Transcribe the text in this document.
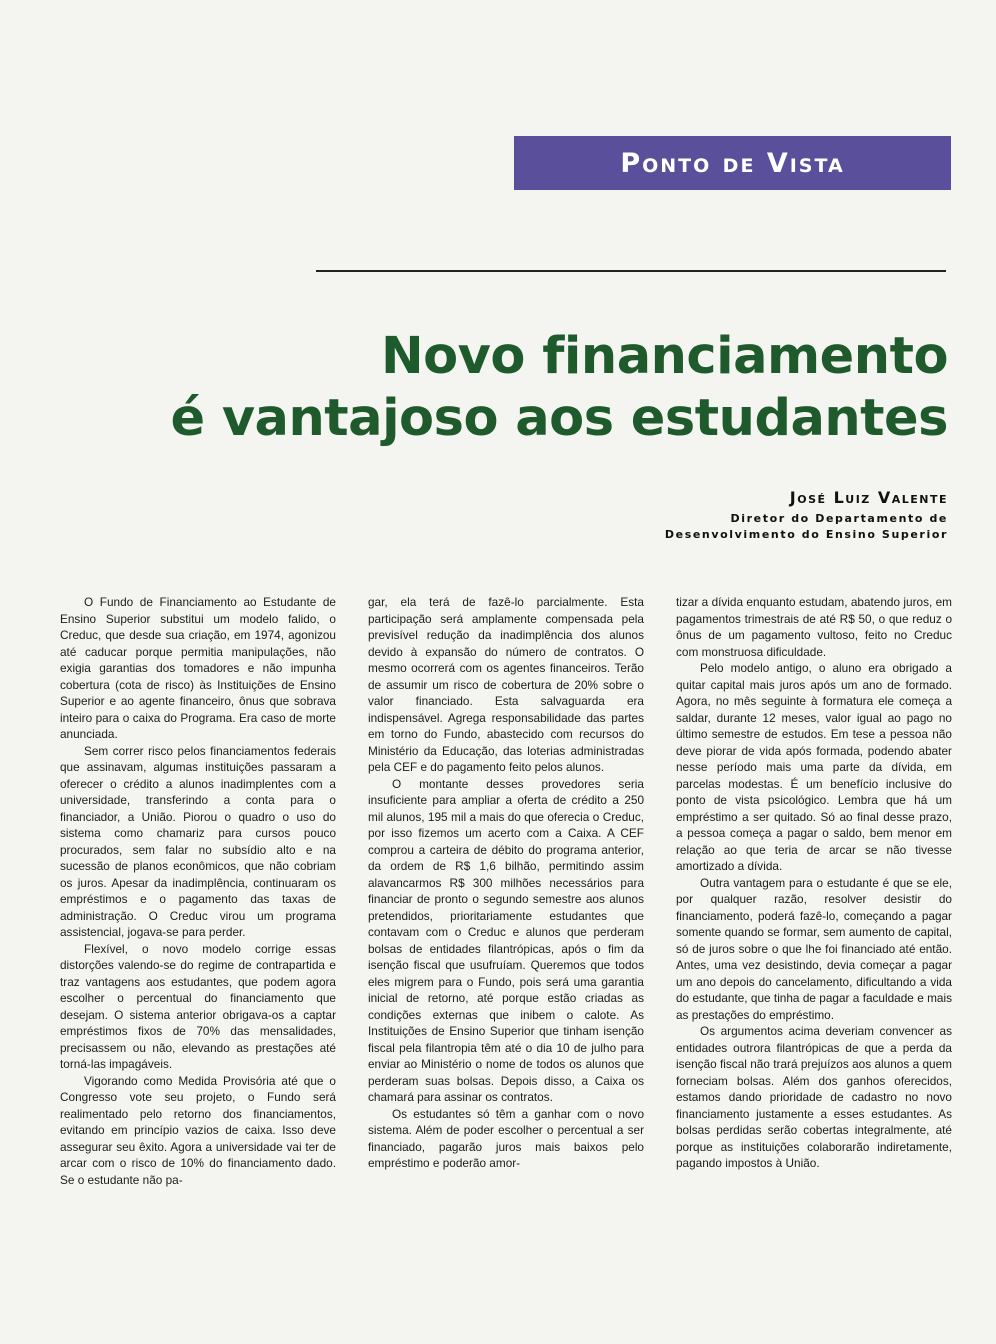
Ponto de Vista
Novo financiamento
é vantajoso aos estudantes
José Luiz Valente
Diretor do Departamento de
Desenvolvimento do Ensino Superior

O Fundo de Financiamento ao Estudante de Ensino Superior substitui um modelo falido, o Creduc, que desde sua criação, em 1974, agonizou até caducar porque permitia manipulações, não exigia garantias dos tomadores e não impunha cobertura (cota de risco) às Instituições de Ensino Superior e ao agente financeiro, ônus que sobrava inteiro para o caixa do Programa. Era caso de morte anunciada.

Sem correr risco pelos financiamentos federais que assinavam, algumas instituições passaram a oferecer o crédito a alunos inadimplentes com a universidade, transferindo a conta para o financiador, a União. Piorou o quadro o uso do sistema como chamariz para cursos pouco procurados, sem falar no subsídio alto e na sucessão de planos econômicos, que não cobriam os juros. Apesar da inadimplência, continuaram os empréstimos e o pagamento das taxas de administração. O Creduc virou um programa assistencial, jogava-se para perder.

Flexível, o novo modelo corrige essas distorções valendo-se do regime de contrapartida e traz vantagens aos estudantes, que podem agora escolher o percentual do financiamento que desejam. O sistema anterior obrigava-os a captar empréstimos fixos de 70% das mensalidades, precisassem ou não, elevando as prestações até torná-las impagáveis.

Vigorando como Medida Provisória até que o Congresso vote seu projeto, o Fundo será realimentado pelo retorno dos financiamentos, evitando em princípio vazios de caixa. Isso deve assegurar seu êxito. Agora a universidade vai ter de arcar com o risco de 10% do financiamento dado. Se o estudante não pa-

gar, ela terá de fazê-lo parcialmente. Esta participação será amplamente compensada pela previsível redução da inadimplência dos alunos devido à expansão do número de contratos. O mesmo ocorrerá com os agentes financeiros. Terão de assumir um risco de cobertura de 20% sobre o valor financiado. Esta salvaguarda era indispensável. Agrega responsabilidade das partes em torno do Fundo, abastecido com recursos do Ministério da Educação, das loterias administradas pela CEF e do pagamento feito pelos alunos.

O montante desses provedores seria insuficiente para ampliar a oferta de crédito a 250 mil alunos, 195 mil a mais do que oferecia o Creduc, por isso fizemos um acerto com a Caixa. A CEF comprou a carteira de débito do programa anterior, da ordem de R$ 1,6 bilhão, permitindo assim alavancarmos R$ 300 milhões necessários para financiar de pronto o segundo semestre aos alunos pretendidos, prioritariamente estudantes que contavam com o Creduc e alunos que perderam bolsas de entidades filantrópicas, após o fim da isenção fiscal que usufruíam. Queremos que todos eles migrem para o Fundo, pois será uma garantia inicial de retorno, até porque estão criadas as condições externas que inibem o calote. As Instituições de Ensino Superior que tinham isenção fiscal pela filantropia têm até o dia 10 de julho para enviar ao Ministério o nome de todos os alunos que perderam suas bolsas. Depois disso, a Caixa os chamará para assinar os contratos.

Os estudantes só têm a ganhar com o novo sistema. Além de poder escolher o percentual a ser financiado, pagarão juros mais baixos pelo empréstimo e poderão amor-

tizar a dívida enquanto estudam, abatendo juros, em pagamentos trimestrais de até R$ 50, o que reduz o ônus de um pagamento vultoso, feito no Creduc com monstruosa dificuldade.

Pelo modelo antigo, o aluno era obrigado a quitar capital mais juros após um ano de formado. Agora, no mês seguinte à formatura ele começa a saldar, durante 12 meses, valor igual ao pago no último semestre de estudos. Em tese a pessoa não deve piorar de vida após formada, podendo abater nesse período mais uma parte da dívida, em parcelas modestas. É um benefício inclusive do ponto de vista psicológico. Lembra que há um empréstimo a ser quitado. Só ao final desse prazo, a pessoa começa a pagar o saldo, bem menor em relação ao que teria de arcar se não tivesse amortizado a dívida.

Outra vantagem para o estudante é que se ele, por qualquer razão, resolver desistir do financiamento, poderá fazê-lo, começando a pagar somente quando se formar, sem aumento de capital, só de juros sobre o que lhe foi financiado até então. Antes, uma vez desistindo, devia começar a pagar um ano depois do cancelamento, dificultando a vida do estudante, que tinha de pagar a faculdade e mais as prestações do empréstimo.

Os argumentos acima deveriam convencer as entidades outrora filantrópicas de que a perda da isenção fiscal não trará prejuízos aos alunos a quem forneciam bolsas. Além dos ganhos oferecidos, estamos dando prioridade de cadastro no novo financiamento justamente a esses estudantes. As bolsas perdidas serão cobertas integralmente, até porque as instituições colaborarão indiretamente, pagando impostos à União.
